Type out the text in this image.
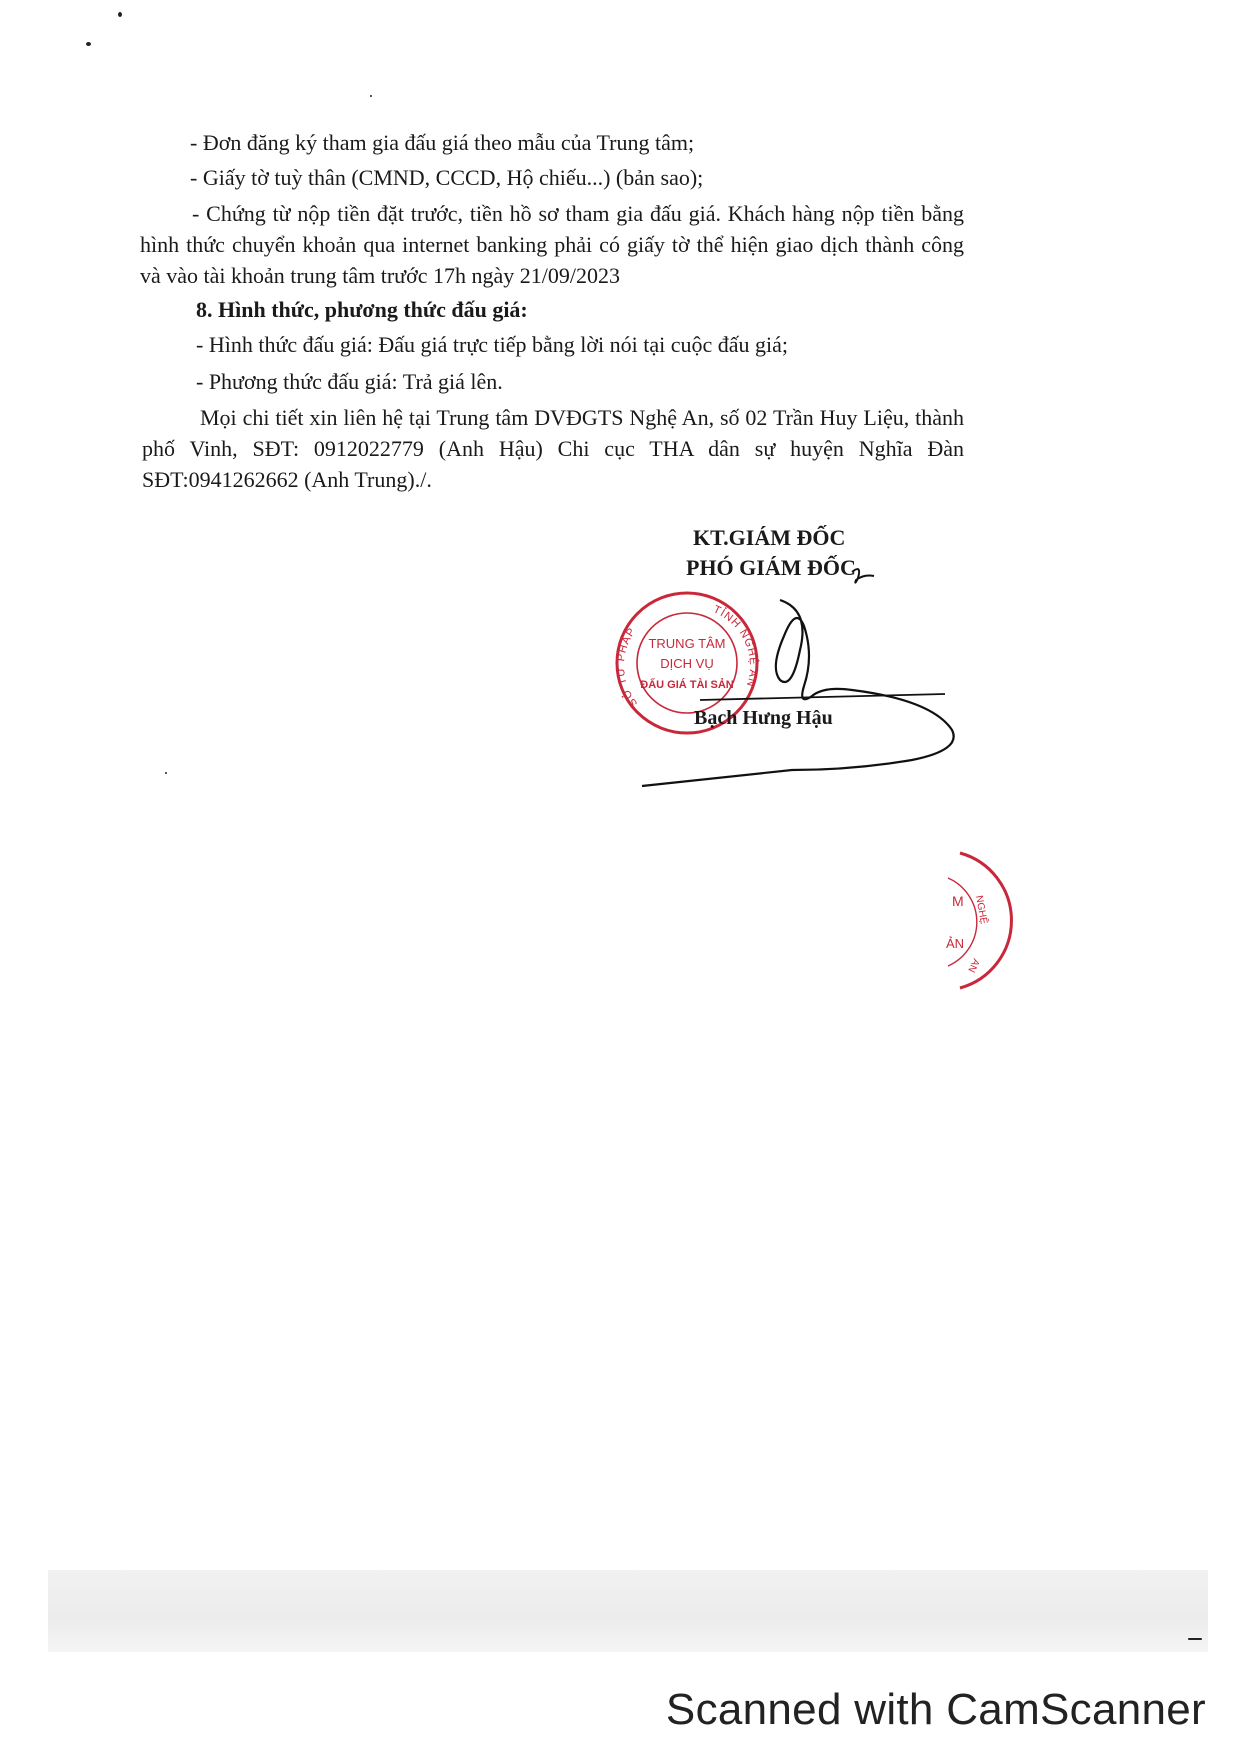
- Đơn đăng ký tham gia đấu giá theo mẫu của Trung tâm;
- Giấy tờ tuỳ thân (CMND, CCCD, Hộ chiếu...) (bản sao);
- Chứng từ nộp tiền đặt trước, tiền hồ sơ tham gia đấu giá. Khách hàng nộp tiền bằng hình thức chuyển khoản qua internet banking phải có giấy tờ thể hiện giao dịch thành công và vào tài khoản trung tâm trước 17h ngày 21/09/2023
8. Hình thức, phương thức đấu giá:
- Hình thức đấu giá: Đấu giá trực tiếp bằng lời nói tại cuộc đấu giá;
- Phương thức đấu giá: Trả giá lên.
Mọi chi tiết xin liên hệ tại Trung tâm DVĐGTS Nghệ An, số 02 Trần Huy Liệu, thành phố Vinh, SĐT: 0912022779 (Anh Hậu) Chi cục THA dân sự huyện Nghĩa Đàn SĐT:0941262662 (Anh Trung)./.
KT.GIÁM ĐỐC
PHÓ GIÁM ĐỐC
SỞ TƯ PHÁP
TỈNH NGHỆ AN
TRUNG TÂM
DỊCH VỤ
ĐẤU GIÁ TÀI SẢN
Bạch Hưng Hậu
M
ẢN
NGHỆ
AN
Scanned with CamScanner
